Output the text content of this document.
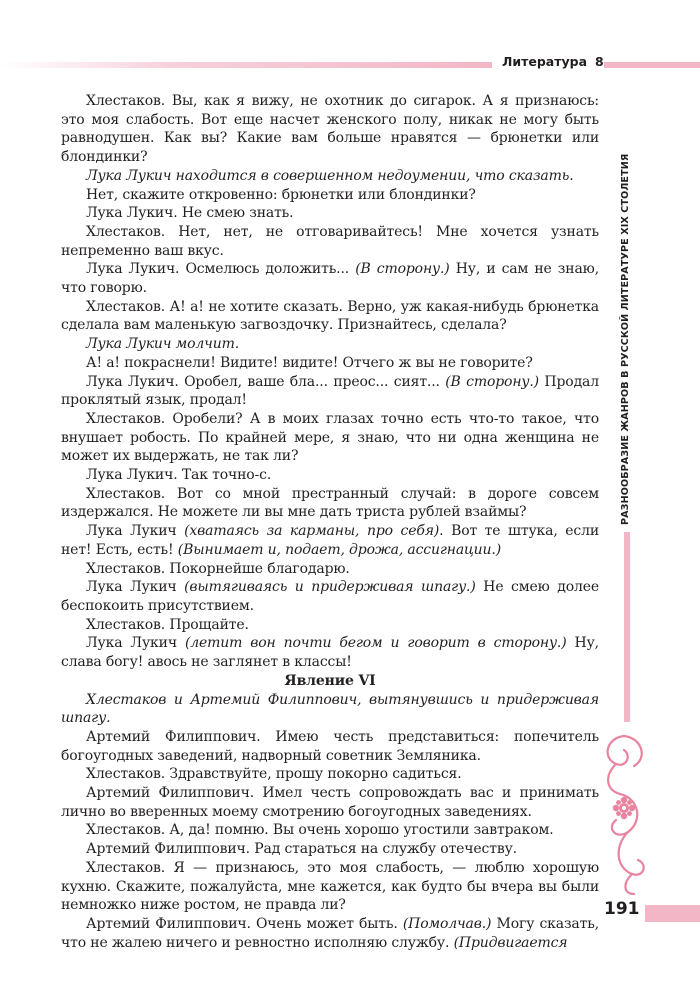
Литература 8

Хлестаков. Вы, как я вижу, не охотник до сигарок. А я признаюсь: это моя слабость. Вот еще насчет женского полу, никак не могу быть равнодушен. Как вы? Какие вам больше нравятся — брюнетки или блондинки?

Лука Лукич находится в совершенном недоумении, что сказать.

Нет, скажите откровенно: брюнетки или блондинки?

Лука Лукич. Не смею знать.

Хлестаков. Нет, нет, не отговаривайтесь! Мне хочется узнать непременно ваш вкус.

Лука Лукич. Осмелюсь доложить... (В сторону.) Ну, и сам не знаю, что говорю.

Хлестаков. А! а! не хотите сказать. Верно, уж какая-нибудь брюнетка сделала вам маленькую загвоздочку. Признайтесь, сделала?

Лука Лукич молчит.

А! а! покраснели! Видите! видите! Отчего ж вы не говорите?

Лука Лукич. Оробел, ваше бла... преос... сият... (В сторону.) Продал проклятый язык, продал!

Хлестаков. Оробели? А в моих глазах точно есть что-то такое, что внушает робость. По крайней мере, я знаю, что ни одна женщина не может их выдержать, не так ли?

Лука Лукич. Так точно-с.

Хлестаков. Вот со мной престранный случай: в дороге совсем издержался. Не можете ли вы мне дать триста рублей взаймы?

Лука Лукич (хватаясь за карманы, про себя). Вот те штука, если нет! Есть, есть! (Вынимает и, подает, дрожа, ассигнации.)

Хлестаков. Покорнейше благодарю.

Лука Лукич (вытягиваясь и придерживая шпагу.) Не смею долее беспокоить присутствием.

Хлестаков. Прощайте.

Лука Лукич (летит вон почти бегом и говорит в сторону.) Ну, слава богу! авось не заглянет в классы!

Явление VI

Хлестаков и Артемий Филиппович, вытянувшись и придерживая шпагу.

Артемий Филиппович. Имею честь представиться: попечитель богоугодных заведений, надворный советник Земляника.

Хлестаков. Здравствуйте, прошу покорно садиться.

Артемий Филиппович. Имел честь сопровождать вас и принимать лично во вверенных моему смотрению богоугодных заведениях.

Хлестаков. А, да! помню. Вы очень хорошо угостили завтраком.

Артемий Филиппович. Рад стараться на службу отечеству.

Хлестаков. Я — признаюсь, это моя слабость, — люблю хорошую кухню. Скажите, пожалуйста, мне кажется, как будто бы вчера вы были немножко ниже ростом, не правда ли?

Артемий Филиппович. Очень может быть. (Помолчав.) Могу сказать, что не жалею ничего и ревностно исполняю службу. (Придвигается

РАЗНООБРАЗИЕ ЖАНРОВ В РУССКОЙ ЛИТЕРАТУРЕ XIX СТОЛЕТИЯ
191
